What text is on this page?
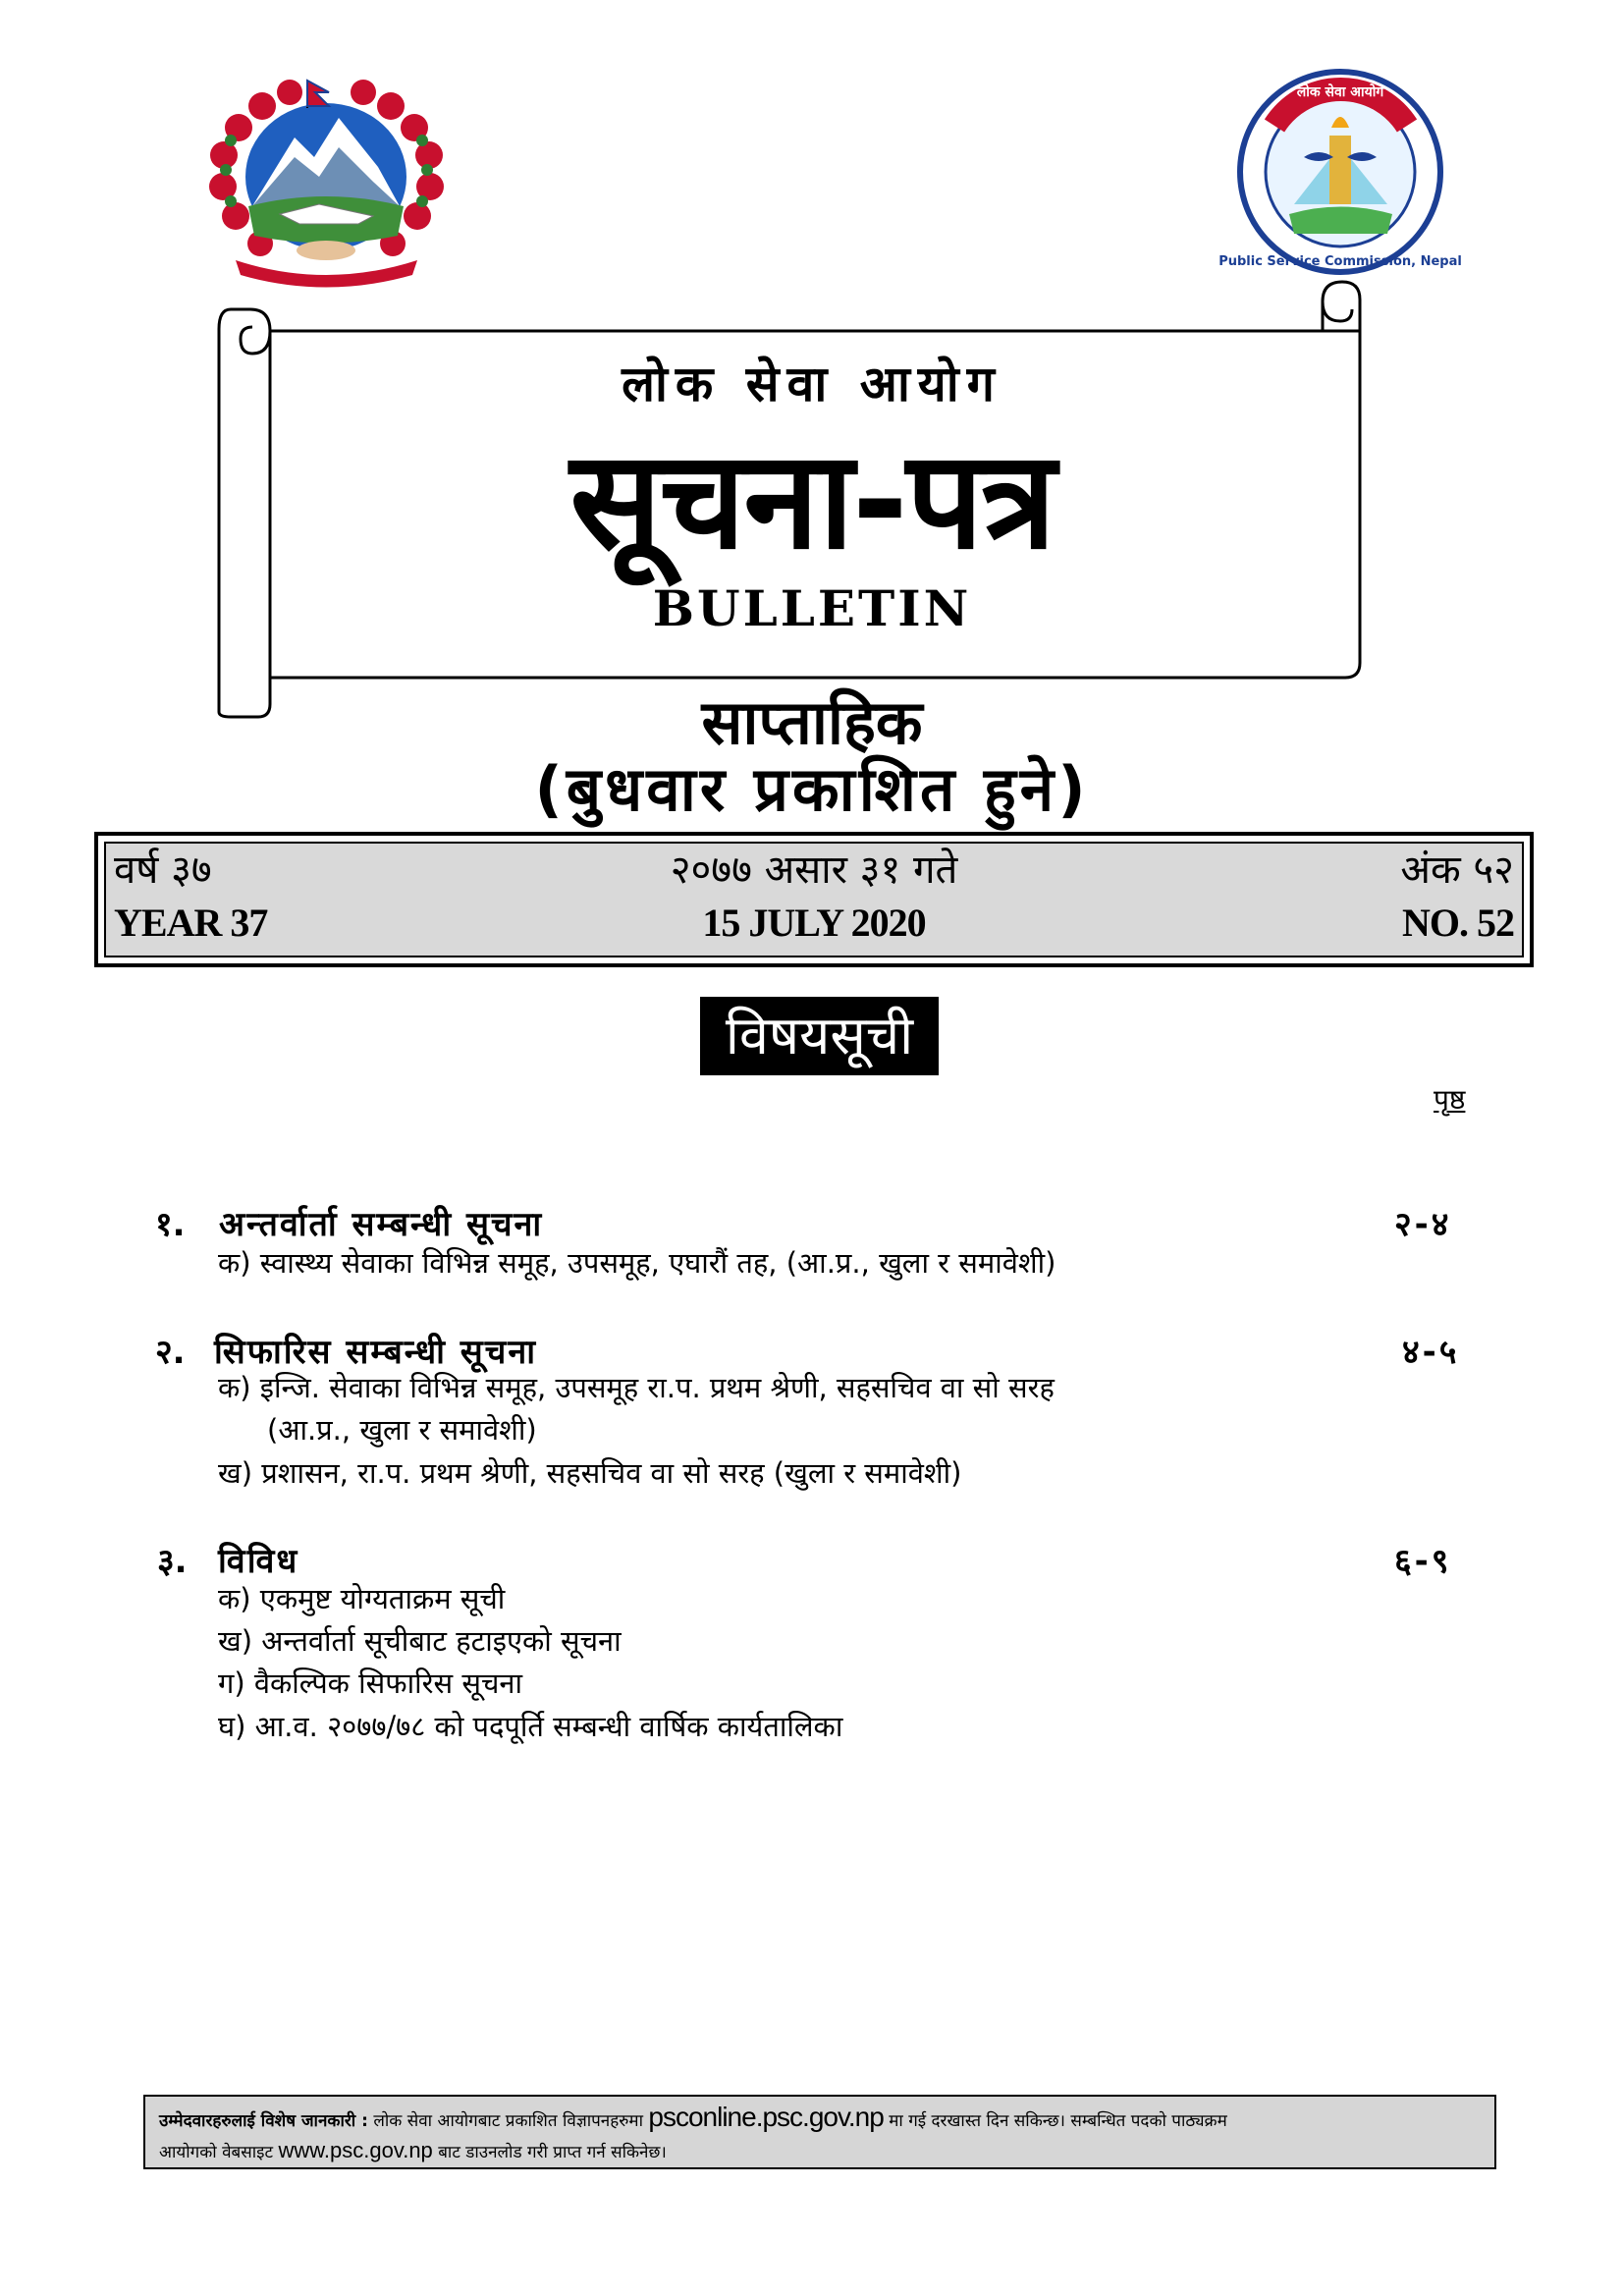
Public Service Commission, Nepal
लोक सेवा आयोग
लोक सेवा आयोग
सूचना-पत्र
BULLETIN
साप्ताहिक
(बुधवार प्रकाशित हुने)
वर्ष ३७	२०७७ असार ३१ गते	अंक ५२
YEAR 37	15 JULY 2020	NO. 52
विषयसूची
पृष्ठ
१. अन्तर्वार्ता सम्बन्धी सूचना	२-४
क) स्वास्थ्य सेवाका विभिन्न समूह, उपसमूह, एघारौं तह, (आ.प्र., खुला र समावेशी)
२. सिफारिस सम्बन्धी सूचना	४-५
क) इन्जि. सेवाका विभिन्न समूह, उपसमूह रा.प. प्रथम श्रेणी, सहसचिव वा सो सरह
(आ.प्र., खुला र समावेशी)
ख) प्रशासन, रा.प. प्रथम श्रेणी, सहसचिव वा सो सरह (खुला र समावेशी)
३. विविध	६-९
क) एकमुष्ट योग्यताक्रम सूची
ख) अन्तर्वार्ता सूचीबाट हटाइएको सूचना
ग) वैकल्पिक सिफारिस सूचना
घ) आ.व. २०७७/७८ को पदपूर्ति सम्बन्धी वार्षिक कार्यतालिका
उम्मेदवारहरुलाई विशेष जानकारी : लोक सेवा आयोगबाट प्रकाशित विज्ञापनहरुमा psconline.psc.gov.np मा गई दरखास्त दिन सकिन्छ। सम्बन्धित पदको पाठ्यक्रम
आयोगको वेबसाइट www.psc.gov.np बाट डाउनलोड गरी प्राप्त गर्न सकिनेछ।
